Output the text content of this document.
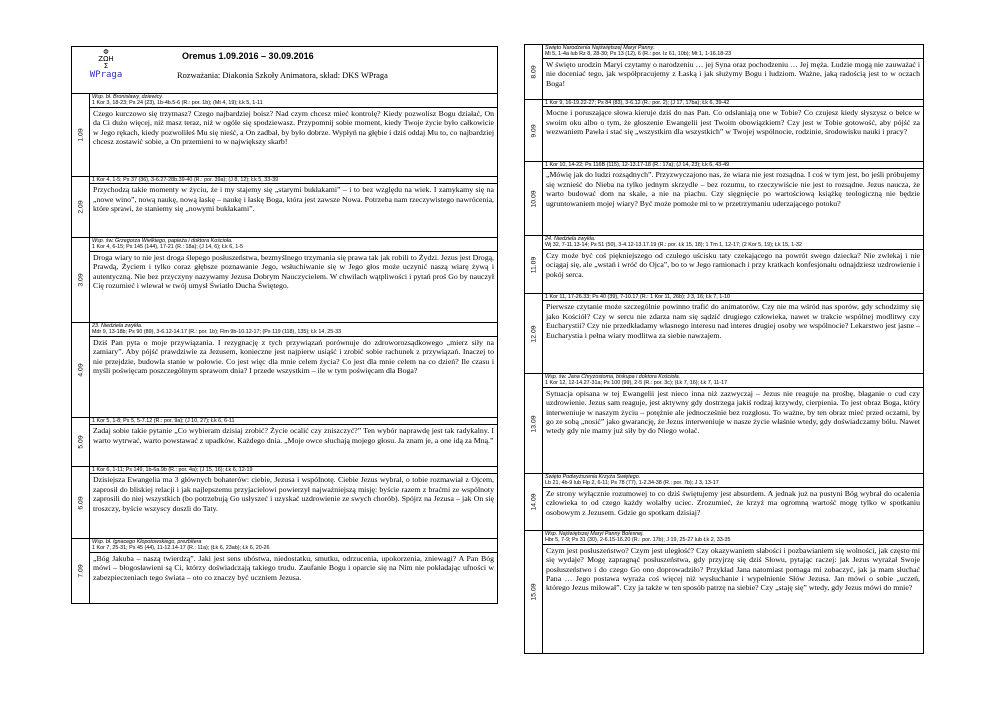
Φ
ZΩH
Σ
WPraga
Oremus 1.09.2016 – 30.09.2016
Rozważania: Diakonia Szkoły Animatora, skład: DKS WPraga
1.09
Wsp. bł. Bronisławy, dziewicy.
1 Kor 3, 18-23; Ps 24 (23), 1b-4b.5-6 (R.: por. 1b); (Mt 4, 19); Łk 5, 1-11
Czego kurczowo się trzymasz? Czego najbardziej boisz? Nad czym chcesz mieć kontrolę? Kiedy pozwolisz Bogu działać, On da Ci dużo więcej, niż masz teraz, niż w ogóle się spodziewasz. Przypomnij sobie moment, kiedy Twoje życie było całkowicie w Jego rękach, kiedy pozwoliłeś Mu się nieść, a On zadbał, by było dobrze. Wypłyń na głębie i dziś oddaj Mu to, co najbardziej chcesz zostawić sobie, a On przemieni to w największy skarb!
2.09
1 Kor 4, 1-5; Ps 37 (36), 3-6.27-28b.39-40 (R.: por. 39a); (J 8, 12); Łk 5, 33-39
Przychodzą takie momenty w życiu, że i my stajemy się „starymi bukłakami” – i to bez względu na wiek. I zamykamy się na „nowe wino”, nową naukę, nową łaskę – naukę i łaskę Boga, która jest zawsze Nowa. Potrzeba nam rzeczywistego nawrócenia, które sprawi, że staniemy się „nowymi bukłakami”.
3.09
Wsp. św. Grzegorza Wielkiego, papieża i doktora Kościoła.
1 Kor 4, 6-15; Ps 145 (144), 17-21 (R.: 18a); (J 14, 6); Łk 6, 1-5
Droga wiary to nie jest droga ślepego posłuszeństwa, bezmyślnego trzymania się prawa tak jak robili to Żydzi. Jezus jest Drogą, Prawdą, Życiem i tylko coraz głębsze poznawanie Jego, wsłuchiwanie się w Jego głos może uczynić naszą wiarę żywą i autentyczną. Nie bez przyczyny nazywamy Jezusa Dobrym Nauczycielem. W chwilach wątpliwości i pytań proś Go by nauczył Cię rozumieć i wlewał w twój umysł Światło Ducha Świętego.
4.09
23. Niedziela zwykła.
Mdr 9, 13-18b; Ps 90 (89), 3-6.12-14.17 (R.: por. 1b); Flm 9b-10.12-17; (Ps 119 (118), 135); Łk 14, 25-33
Dziś Pan pyta o moje przywiązania. I rezygnację z tych przywiązań porównuje do zdroworozsądkowego „mierz siły na zamiary”. Aby pójść prawdziwie za Jezusem, konieczne jest najpierw usiąść i zrobić sobie rachunek z przywiązań. Inaczej to nie przejdzie, budowla stanie w połowie. Co jest więc dla mnie celem życia? Co jest dla mnie celem na co dzień? Ile czasu i myśli poświęcam poszczególnym sprawom dnia? I przede wszystkim – ile w tym poświęcam dla Boga?
5.09
1 Kor 5, 1-8; Ps 5, 5-7.12 (R.: por. 9a); (J 10, 27); Łk 6, 6-11
Zadaj sobie takie pytanie „Co wybieram dzisiaj zrobić? Życie ocalić czy zniszczyć?” Ten wybór naprawdę jest tak radykalny. I warto wytrwać, warto powstawać z upadków. Każdego dnia. „Moje owce słuchają mojego głosu. Ja znam je, a one idą za Mną.”
6.09
1 Kor 6, 1-11; Ps 149, 1b-6a.9b (R.: por. 4a); (J 15, 16); Łk 6, 12-19
Dzisiejsza Ewangelia ma 3 głównych bohaterów: ciebie, Jezusa i wspólnotę. Ciebie Jezus wybrał, o tobie rozmawiał z Ojcem, zaprosił do bliskiej relacji i jak najlepszemu przyjacielowi powierzył najważniejszą misję: byście razem z braćmi ze wspólnoty zaprosili do niej wszystkich (bo potrzebują Go usłyszeć i uzyskać uzdrowienie ze swych chorób). Spójrz na Jezusa – jak On się troszczy, byście wszyscy doszli do Taty.
7.09
Wsp. bł. Ignacego Kłopotowskiego, prezbitera
1 Kor 7, 25-31; Ps 45 (44), 11-12.14-17 (R.: 11a); (Łk 6, 23ab); Łk 6, 20-26
„Bóg Jakuba – naszą twierdzą”. Jaki jest sens ubóstwa, niedostatku, smutku, odrzucenia, upokorzenia, zniewagi? A Pan Bóg mówi – błogosławieni są Ci, którzy doświadczają takiego trudu. Zaufanie Bogu i oparcie się na Nim nie pokładając ufności w zabezpieczeniach tego świata – oto co znaczy być uczniem Jezusa.
8.09
Święto Narodzenia Najświętszej Maryi Panny.
Mi 5, 1-4a lub Rz 8, 28-30; Ps 13 (12), 6 (R.: por. Iz 61, 10b); Mt 1, 1-16.18-23
W święto urodzin Maryi czytamy o narodzeniu … jej Syna oraz pochodzeniu … Jej męża. Ludzie mogą nie zauważać i nie doceniać tego, jak współpracujemy z Łaską i jak służymy Bogu i ludziom. Ważne, jaką radością jest to w oczach Boga!
9.09
1 Kor 9, 16-19.22-27; Ps 84 (83), 3-6.12 (R.: por. 2); (J 17, 17ba); Łk 6, 39-42
Mocne i poruszające słowa kieruje dziś do nas Pan. Co odsłaniają one w Tobie? Co czujesz kiedy słyszysz o belce w swoim oku albo o tym, że głoszenie Ewangelii jest Twoim obowiązkiem? Czy jest w Tobie gotowość, aby pójść za wezwaniem Pawła i stać się „wszystkim dla wszystkich” w Twojej wspólnocie, rodzinie, środowisku nauki i pracy?
10.09
1 Kor 10, 14-22; Ps 116B (115), 12-13.17-18 (R.: 17a); (J 14, 23); Łk 6, 43-49
„Mówię jak do ludzi rozsądnych”. Przyzwyczajono nas, że wiara nie jest rozsądna. I coś w tym jest, bo jeśli próbujemy się wznieść do Nieba na tylko jednym skrzydle – bez rozumu, to rzeczywiście nie jest to rozsądne. Jezus naucza, że warto budować dom na skale, a nie na piachu. Czy sięgnięcie po wartościową książkę teologiczną nie będzie ugruntowaniem mojej wiary? Być może pomoże mi to w przetrzymaniu uderzającego potoku?
11.09
24. Niedziela zwykła.
Wj 32, 7-11.13-14; Ps 51 (50), 3-4.12-13.17.19 (R.: por. Łk 15, 18); 1 Tm 1, 12-17; (2 Kor 5, 19); Łk 15, 1-32
Czy może być coś piękniejszego od czułego uścisku taty czekającego na powrót swego dziecka? Nie zwlekaj i nie ociągaj się, ale „wstań i wróć do Ojca”, bo to w Jego ramionach i przy kratkach konfesjonału odnajdziesz uzdrowienie i pokój serca.
12.09
1 Kor 11, 17-26.33; Ps 40 (39), 7-10.17 (R.: 1 Kor 11, 26b); J 3, 16; Łk 7, 1-10
Pierwsze czytanie może szczególnie powinno trafić do animatorów. Czy nie ma wśród nas sporów, gdy schodzimy się jako Kościół? Czy w sercu nie zdarza nam się sądzić drugiego człowieka, nawet w trakcie wspólnej modlitwy czy Eucharystii? Czy nie przedkładamy własnego interesu nad interes drugiej osoby we wspólnocie? Lekarstwo jest jasne – Eucharystia i pełna wiary modlitwa za siebie nawzajem.
13.09
Wsp. św. Jana Chryzostoma, biskupa i doktora Kościoła.
1 Kor 12, 12-14.27-31a; Ps 100 (99), 2-5 (R.: por. 3c); (Łk 7, 16); Łk 7, 11-17
Sytuacja opisana w tej Ewangelii jest nieco inna niż zazwyczaj – Jezus nie reaguje na prośbę, błaganie o cud czy uzdrowienie. Jezus sam reaguje, jest aktywny gdy dostrzega jakiś rodzaj krzywdy, cierpienia. To jest obraz Boga, który interweniuje w naszym życiu – potężnie ale jednocześnie bez rozgłosu. To ważne, by ten obraz mieć przed oczami, by go ze sobą „nosić” jako gwarancję, że Jezus interweniuje w nasze życie właśnie wtedy, gdy doświadczamy bólu. Nawet wtedy gdy nie mamy już siły by do Niego wołać.
14.09
Święto Podwyższenia Krzyża Świętego.
Lb 21, 4b-9 lub Flp 2, 6-11; Ps 78 (77), 1-2.34-38 (R.: por. 7b); J 3, 13-17
Ze strony wyłącznie rozumowej to co dziś świętujemy jest absurdem. A jednak już na pustyni Bóg wybrał do ocalenia człowieka to od czego każdy wolałby uciec. Zrozumieć, że krzyż ma ogromną wartość mogę tylko w spotkaniu osobowym z Jezusem. Gdzie go spotkam dzisiaj?
15.09
Wsp. Najświętszej Maryi Panny Bolesnej.
Hbr 5, 7-9; Ps 31 (30), 2-6.15-16.20 (R.: por. 17b); J 19, 25-27 lub Łk 2, 33-35
Czym jest posłuszeństwo? Czym jest uległość? Czy okazywaniem słabości i pozbawianiem się wolności, jak często mi się wydaje? Mogę zapragnąć posłuszeństwa, gdy przyjrzę się dziś Słowu, pytając raczej: jak Jezus wyrażał Swoje posłuszeństwo i do czego Go ono doprowadziło? Przykład Jana natomiast pomaga mi zobaczyć, jak ja mam słuchać Pana … Jego postawa wyraża coś więcej niż wysłuchanie i wypełnienie Słów Jezusa. Jan mówi o sobie „uczeń, którego Jezus miłował”. Czy ja także w ten sposób patrzę na siebie? Czy „staję się” wtedy, gdy Jezus mówi do mnie?
